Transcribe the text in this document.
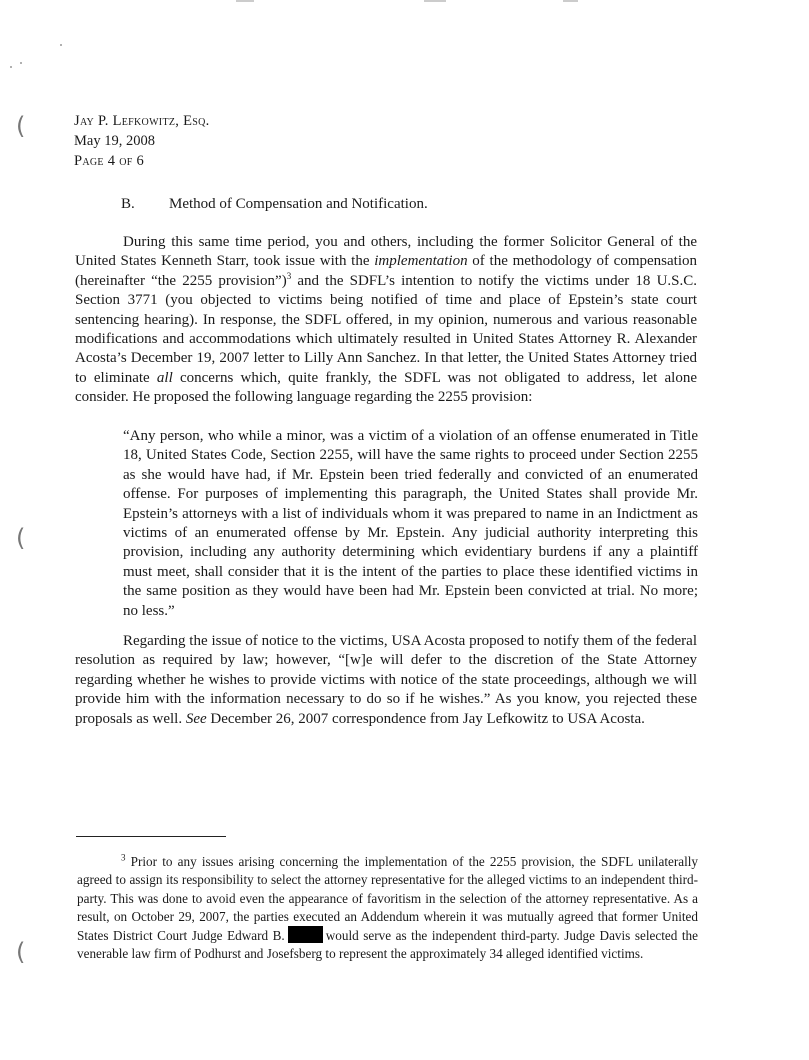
(
(
(
Jay P. Lefkowitz, Esq.
May 19, 2008
Page 4 of 6
B. Method of Compensation and Notification.

During this same time period, you and others, including the former Solicitor General of the United States Kenneth Starr, took issue with the implementation of the methodology of compensation (hereinafter “the 2255 provision”)$^3$ and the SDFL’s intention to notify the victims under 18 U.S.C. Section 3771 (you objected to victims being notified of time and place of Epstein’s state court sentencing hearing). In response, the SDFL offered, in my opinion, numerous and various reasonable modifications and accommodations which ultimately resulted in United States Attorney R. Alexander Acosta’s December 19, 2007 letter to Lilly Ann Sanchez. In that letter, the United States Attorney tried to eliminate all concerns which, quite frankly, the SDFL was not obligated to address, let alone consider. He proposed the following language regarding the 2255 provision:

“Any person, who while a minor, was a victim of a violation of an offense enumerated in Title 18, United States Code, Section 2255, will have the same rights to proceed under Section 2255 as she would have had, if Mr. Epstein been tried federally and convicted of an enumerated offense. For purposes of implementing this paragraph, the United States shall provide Mr. Epstein’s attorneys with a list of individuals whom it was prepared to name in an Indictment as victims of an enumerated offense by Mr. Epstein. Any judicial authority interpreting this provision, including any authority determining which evidentiary burdens if any a plaintiff must meet, shall consider that it is the intent of the parties to place these identified victims in the same position as they would have been had Mr. Epstein been convicted at trial. No more; no less.”

Regarding the issue of notice to the victims, USA Acosta proposed to notify them of the federal resolution as required by law; however, “[w]e will defer to the discretion of the State Attorney regarding whether he wishes to provide victims with notice of the state proceedings, although we will provide him with the information necessary to do so if he wishes.” As you know, you rejected these proposals as well. See December 26, 2007 correspondence from Jay Lefkowitz to USA Acosta.

$^3$ Prior to any issues arising concerning the implementation of the 2255 provision, the SDFL unilaterally agreed to assign its responsibility to select the attorney representative for the alleged victims to an independent third-party. This was done to avoid even the appearance of favoritism in the selection of the attorney representative. As a result, on October 29, 2007, the parties executed an Addendum wherein it was mutually agreed that former United States District Court Judge Edward B.	would serve as the independent third-party. Judge Davis selected the venerable law firm of Podhurst and Josefsberg to represent the approximately 34 alleged identified victims.
